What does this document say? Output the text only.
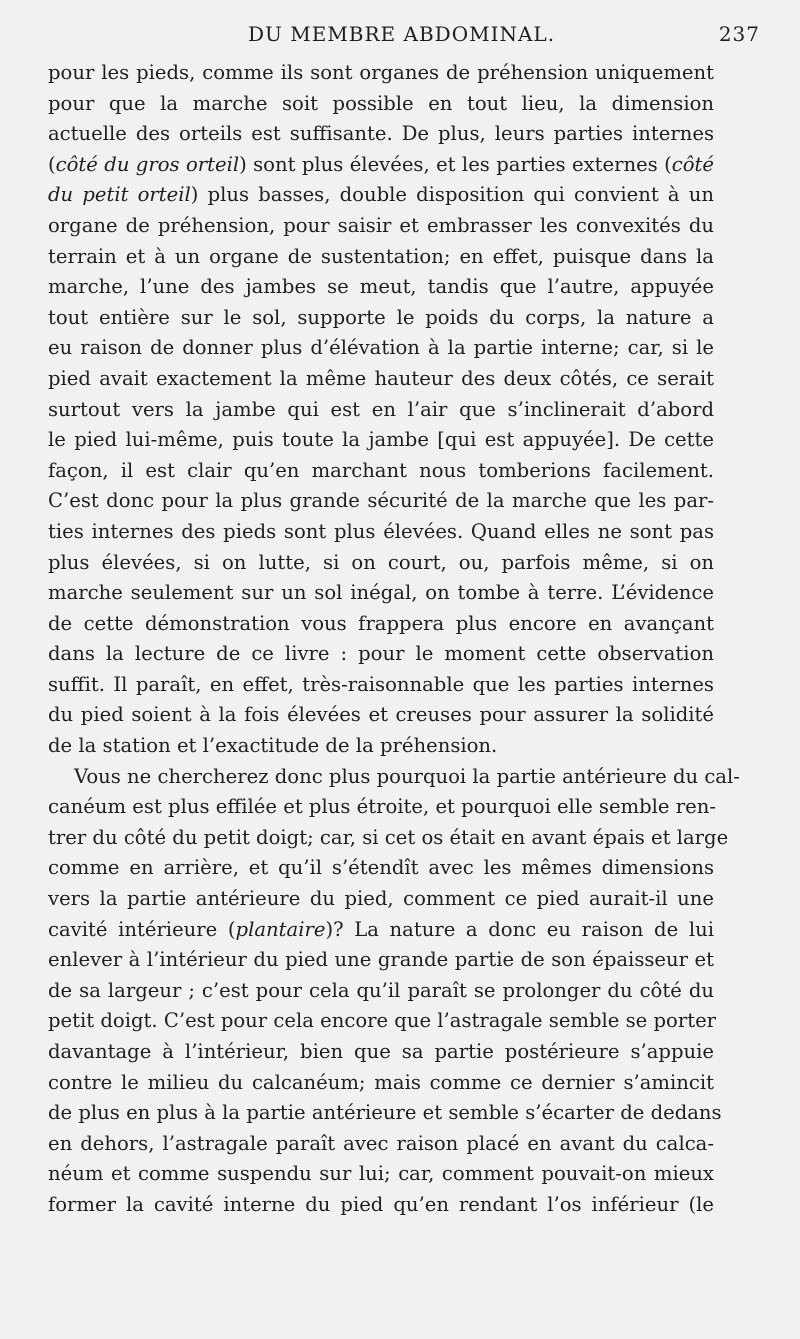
DU MEMBRE ABDOMINAL.	237

pour les pieds, comme ils sont organes de préhension uniquement
pour que la marche soit possible en tout lieu, la dimension
actuelle des orteils est suffisante. De plus, leurs parties internes
(côté du gros orteil) sont plus élevées, et les parties externes (côté
du petit orteil) plus basses, double disposition qui convient à un
organe de préhension, pour saisir et embrasser les convexités du
terrain et à un organe de sustentation; en effet, puisque dans la
marche, l’une des jambes se meut, tandis que l’autre, appuyée
tout entière sur le sol, supporte le poids du corps, la nature a
eu raison de donner plus d’élévation à la partie interne; car, si le
pied avait exactement la même hauteur des deux côtés, ce serait
surtout vers la jambe qui est en l’air que s’inclinerait d’abord
le pied lui-même, puis toute la jambe [qui est appuyée]. De cette
façon, il est clair qu’en marchant nous tomberions facilement.
C’est donc pour la plus grande sécurité de la marche que les par-
ties internes des pieds sont plus élevées. Quand elles ne sont pas
plus élevées, si on lutte, si on court, ou, parfois même, si on
marche seulement sur un sol inégal, on tombe à terre. L’évidence
de cette démonstration vous frappera plus encore en avançant
dans la lecture de ce livre : pour le moment cette observation
suffit. Il paraît, en effet, très-raisonnable que les parties internes
du pied soient à la fois élevées et creuses pour assurer la solidité
de la station et l’exactitude de la préhension.

Vous ne chercherez donc plus pourquoi la partie antérieure du cal-
canéum est plus effilée et plus étroite, et pourquoi elle semble ren-
trer du côté du petit doigt; car, si cet os était en avant épais et large
comme en arrière, et qu’il s’étendît avec les mêmes dimensions
vers la partie antérieure du pied, comment ce pied aurait-il une
cavité intérieure (plantaire)? La nature a donc eu raison de lui
enlever à l’intérieur du pied une grande partie de son épaisseur et
de sa largeur ; c’est pour cela qu’il paraît se prolonger du côté du
petit doigt. C’est pour cela encore que l’astragale semble se porter
davantage à l’intérieur, bien que sa partie postérieure s’appuie
contre le milieu du calcanéum; mais comme ce dernier s’amincit
de plus en plus à la partie antérieure et semble s’écarter de dedans
en dehors, l’astragale paraît avec raison placé en avant du calca-
néum et comme suspendu sur lui; car, comment pouvait-on mieux
former la cavité interne du pied qu’en rendant l’os inférieur (le
